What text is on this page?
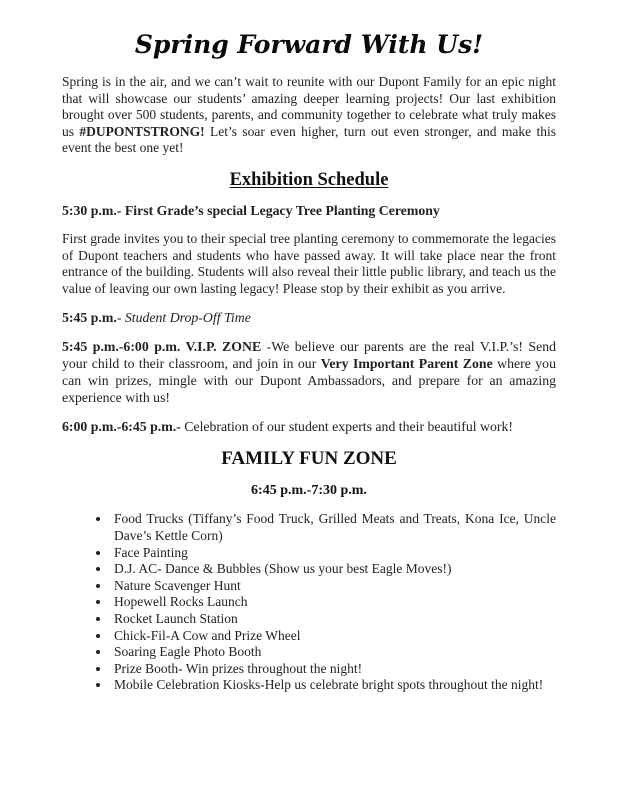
Spring Forward With Us!

Spring is in the air, and we can’t wait to reunite with our Dupont Family for an epic night that will showcase our students’ amazing deeper learning projects! Our last exhibition brought over 500 students, parents, and community together to celebrate what truly makes us #DUPONTSTRONG! Let’s soar even higher, turn out even stronger, and make this event the best one yet!

Exhibition Schedule

5:30 p.m.- First Grade’s special Legacy Tree Planting Ceremony

First grade invites you to their special tree planting ceremony to commemorate the legacies of Dupont teachers and students who have passed away. It will take place near the front entrance of the building. Students will also reveal their little public library, and teach us the value of leaving our own lasting legacy! Please stop by their exhibit as you arrive.

5:45 p.m.- Student Drop-Off Time

5:45 p.m.-6:00 p.m. V.I.P. ZONE -We believe our parents are the real V.I.P.’s! Send your child to their classroom, and join in our Very Important Parent Zone where you can win prizes, mingle with our Dupont Ambassadors, and prepare for an amazing experience with us!

6:00 p.m.-6:45 p.m.- Celebration of our student experts and their beautiful work!

FAMILY FUN ZONE

6:45 p.m.-7:30 p.m.

• Food Trucks (Tiffany’s Food Truck, Grilled Meats and Treats, Kona Ice, Uncle Dave’s Kettle Corn)
• Face Painting
• D.J. AC- Dance & Bubbles (Show us your best Eagle Moves!)
• Nature Scavenger Hunt
• Hopewell Rocks Launch
• Rocket Launch Station
• Chick-Fil-A Cow and Prize Wheel
• Soaring Eagle Photo Booth
• Prize Booth- Win prizes throughout the night!
• Mobile Celebration Kiosks-Help us celebrate bright spots throughout the night!
